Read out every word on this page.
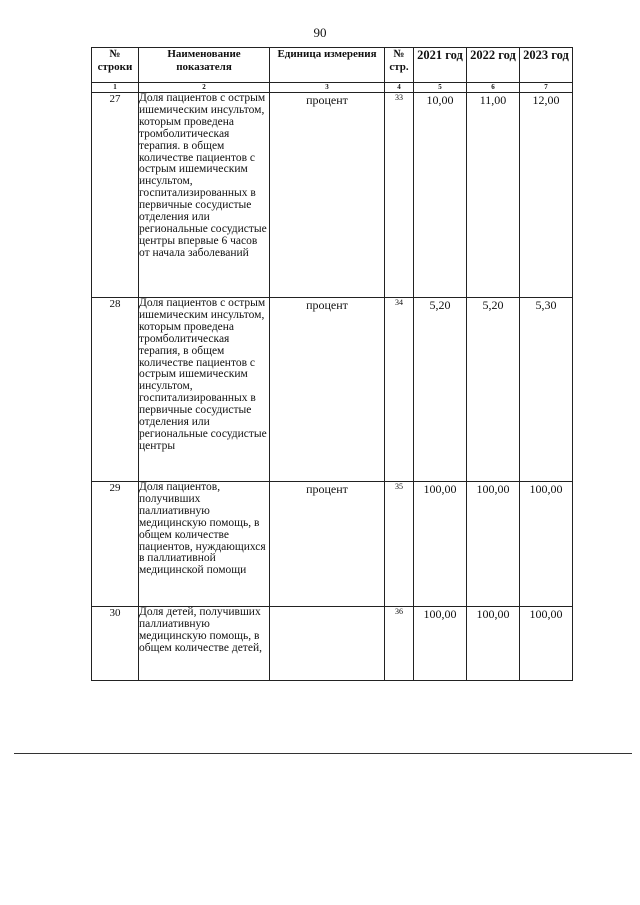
90
№ строки	Наименование показателя	Единица измерения	№ стр.	2021 год	2022 год	2023 год
1	2	3	4	5	6	7
27	Доля пациентов с острым ишемическим инсультом, которым проведена тромболитическая терапия. в общем количестве пациентов с острым ишемическим инсультом, госпитализированных в первичные сосудистые отделения или региональные сосудистые центры впервые 6 часов от начала заболеваний	процент	33	10,00	11,00	12,00
28	Доля пациентов с острым ишемическим инсультом, которым проведена тромболитическая терапия, в общем количестве пациентов с острым ишемическим инсультом, госпитализированных в первичные сосудистые отделения или региональные сосудистые центры	процент	34	5,20	5,20	5,30
29	Доля пациентов, получивших паллиативную медицинскую помощь, в общем количестве пациентов, нуждающихся в паллиативной медицинской помощи	процент	35	100,00	100,00	100,00
30	Доля детей, получивших паллиативную медицинскую помощь, в общем количестве детей,		36	100,00	100,00	100,00
